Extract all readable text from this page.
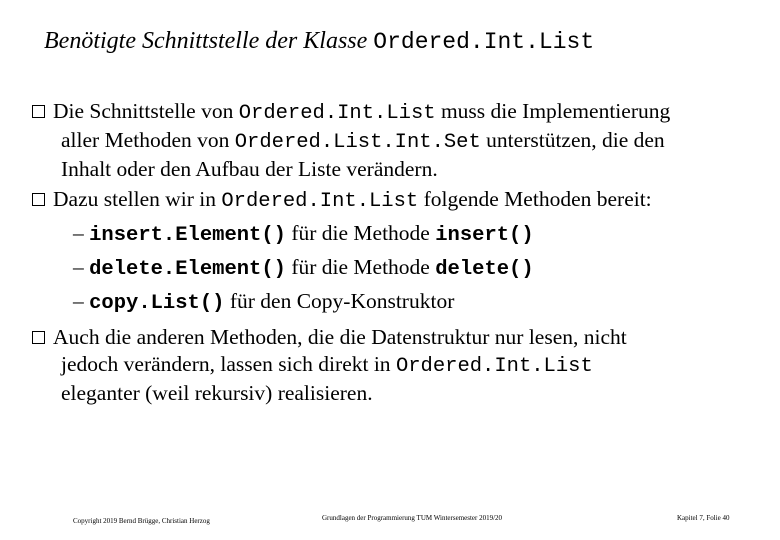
Benötigte Schnittstelle der Klasse Ordered.Int.List
Die Schnittstelle von Ordered.Int.List muss die Implementierung
aller Methoden von Ordered.List.Int.Set unterstützen, die den
Inhalt oder den Aufbau der Liste verändern.
Dazu stellen wir in Ordered.Int.List folgende Methoden bereit:
– insert.Element() für die Methode insert()
– delete.Element() für die Methode delete()
– copy.List() für den Copy-Konstruktor
Auch die anderen Methoden, die die Datenstruktur nur lesen, nicht
jedoch verändern, lassen sich direkt in Ordered.Int.List
eleganter (weil rekursiv) realisieren.
Copyright 2019 Bernd Brügge, Christian Herzog	Grundlagen der Programmierung TUM Wintersemester 2019/20	Kapitel 7, Folie 40
